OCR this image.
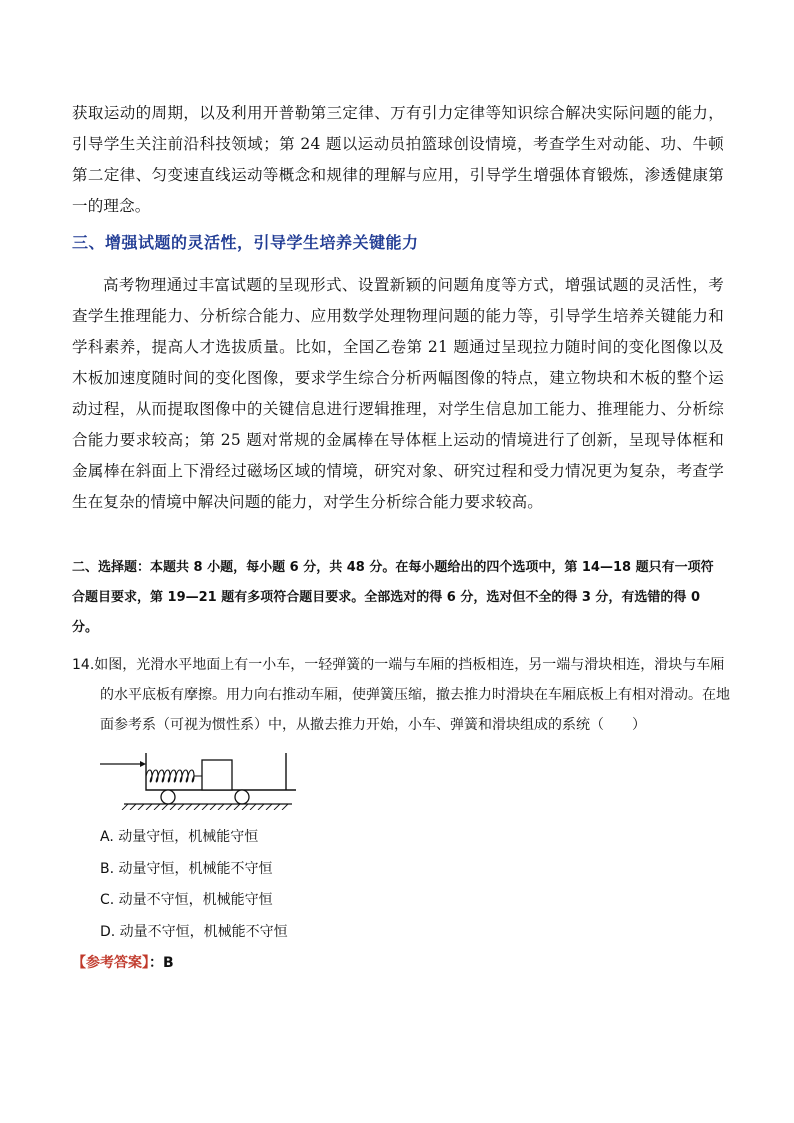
获取运动的周期，以及利用开普勒第三定律、万有引力定律等知识综合解决实际问题的能力，引导学生关注前沿科技领域；第 24 题以运动员拍篮球创设情境，考查学生对动能、功、牛顿第二定律、匀变速直线运动等概念和规律的理解与应用，引导学生增强体育锻炼，渗透健康第一的理念。

三、增强试题的灵活性，引导学生培养关键能力

高考物理通过丰富试题的呈现形式、设置新颖的问题角度等方式，增强试题的灵活性，考查学生推理能力、分析综合能力、应用数学处理物理问题的能力等，引导学生培养关键能力和学科素养，提高人才选拔质量。比如，全国乙卷第 21 题通过呈现拉力随时间的变化图像以及木板加速度随时间的变化图像，要求学生综合分析两幅图像的特点，建立物块和木板的整个运动过程，从而提取图像中的关键信息进行逻辑推理，对学生信息加工能力、推理能力、分析综合能力要求较高；第 25 题对常规的金属棒在导体框上运动的情境进行了创新，呈现导体框和金属棒在斜面上下滑经过磁场区域的情境，研究对象、研究过程和受力情况更为复杂，考查学生在复杂的情境中解决问题的能力，对学生分析综合能力要求较高。

二、选择题：本题共 8 小题，每小题 6 分，共 48 分。在每小题给出的四个选项中，第 14—18 题只有一项符合题目要求，第 19—21 题有多项符合题目要求。全部选对的得 6 分，选对但不全的得 3 分，有选错的得 0 分。

14.如图，光滑水平地面上有一小车，一轻弹簧的一端与车厢的挡板相连，另一端与滑块相连，滑块与车厢
的水平底板有摩擦。用力向右推动车厢，使弹簧压缩，撤去推力时滑块在车厢底板上有相对滑动。在地面参考系（可视为惯性系）中，从撤去推力开始，小车、弹簧和滑块组成的系统（　　）
A. 动量守恒，机械能守恒
B. 动量守恒，机械能不守恒
C. 动量不守恒，机械能守恒
D. 动量不守恒，机械能不守恒
【参考答案】：B
